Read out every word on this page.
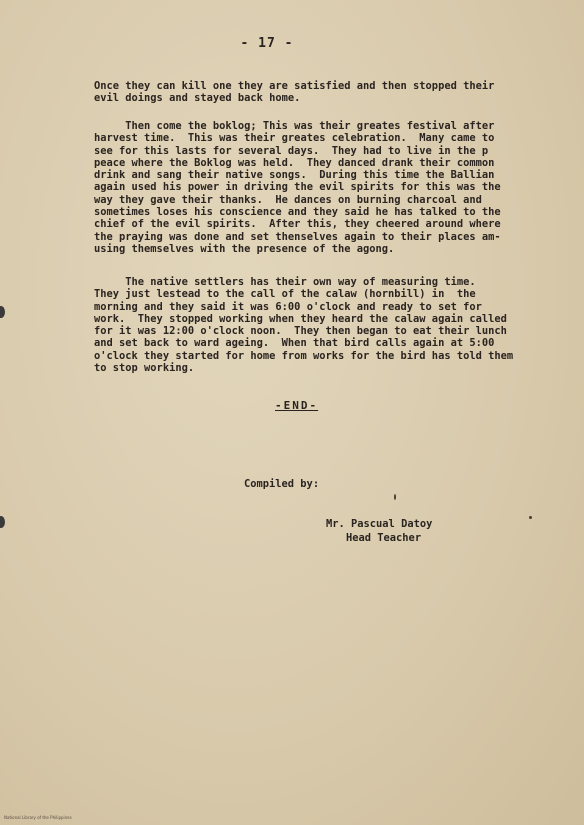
- 17 -

Once they can kill one they are satisfied and then stopped their
evil doings and stayed back home.

Then come the boklog; This was their greates festival after
harvest time.  This was their greates celebration.  Many came to
see for this lasts for several days.  They had to live in the p
peace where the Boklog was held.  They danced drank their common
drink and sang their native songs.  During this time the Ballian
again used his power in driving the evil spirits for this was the
way they gave their thanks.  He dances on burning charcoal and
sometimes loses his conscience and they said he has talked to the
chief of the evil spirits.  After this, they cheered around where
the praying was done and set thenselves again to their places am-
using themselves with the presence of the agong.

The native settlers has their own way of measuring time.
They just lestead to the call of the calaw (hornbill) in  the
morning and they said it was 6:00 o'clock and ready to set for
work.  They stopped working when they heard the calaw again called
for it was 12:00 o'clock noon.  They then began to eat their lunch
and set back to ward ageing.  When that bird calls again at 5:00
o'clock they started for home from works for the bird has told them
to stop working.

-END-
Compiled by:
Mr. Pascual Datoy
Head Teacher
National Library of the Philippines
